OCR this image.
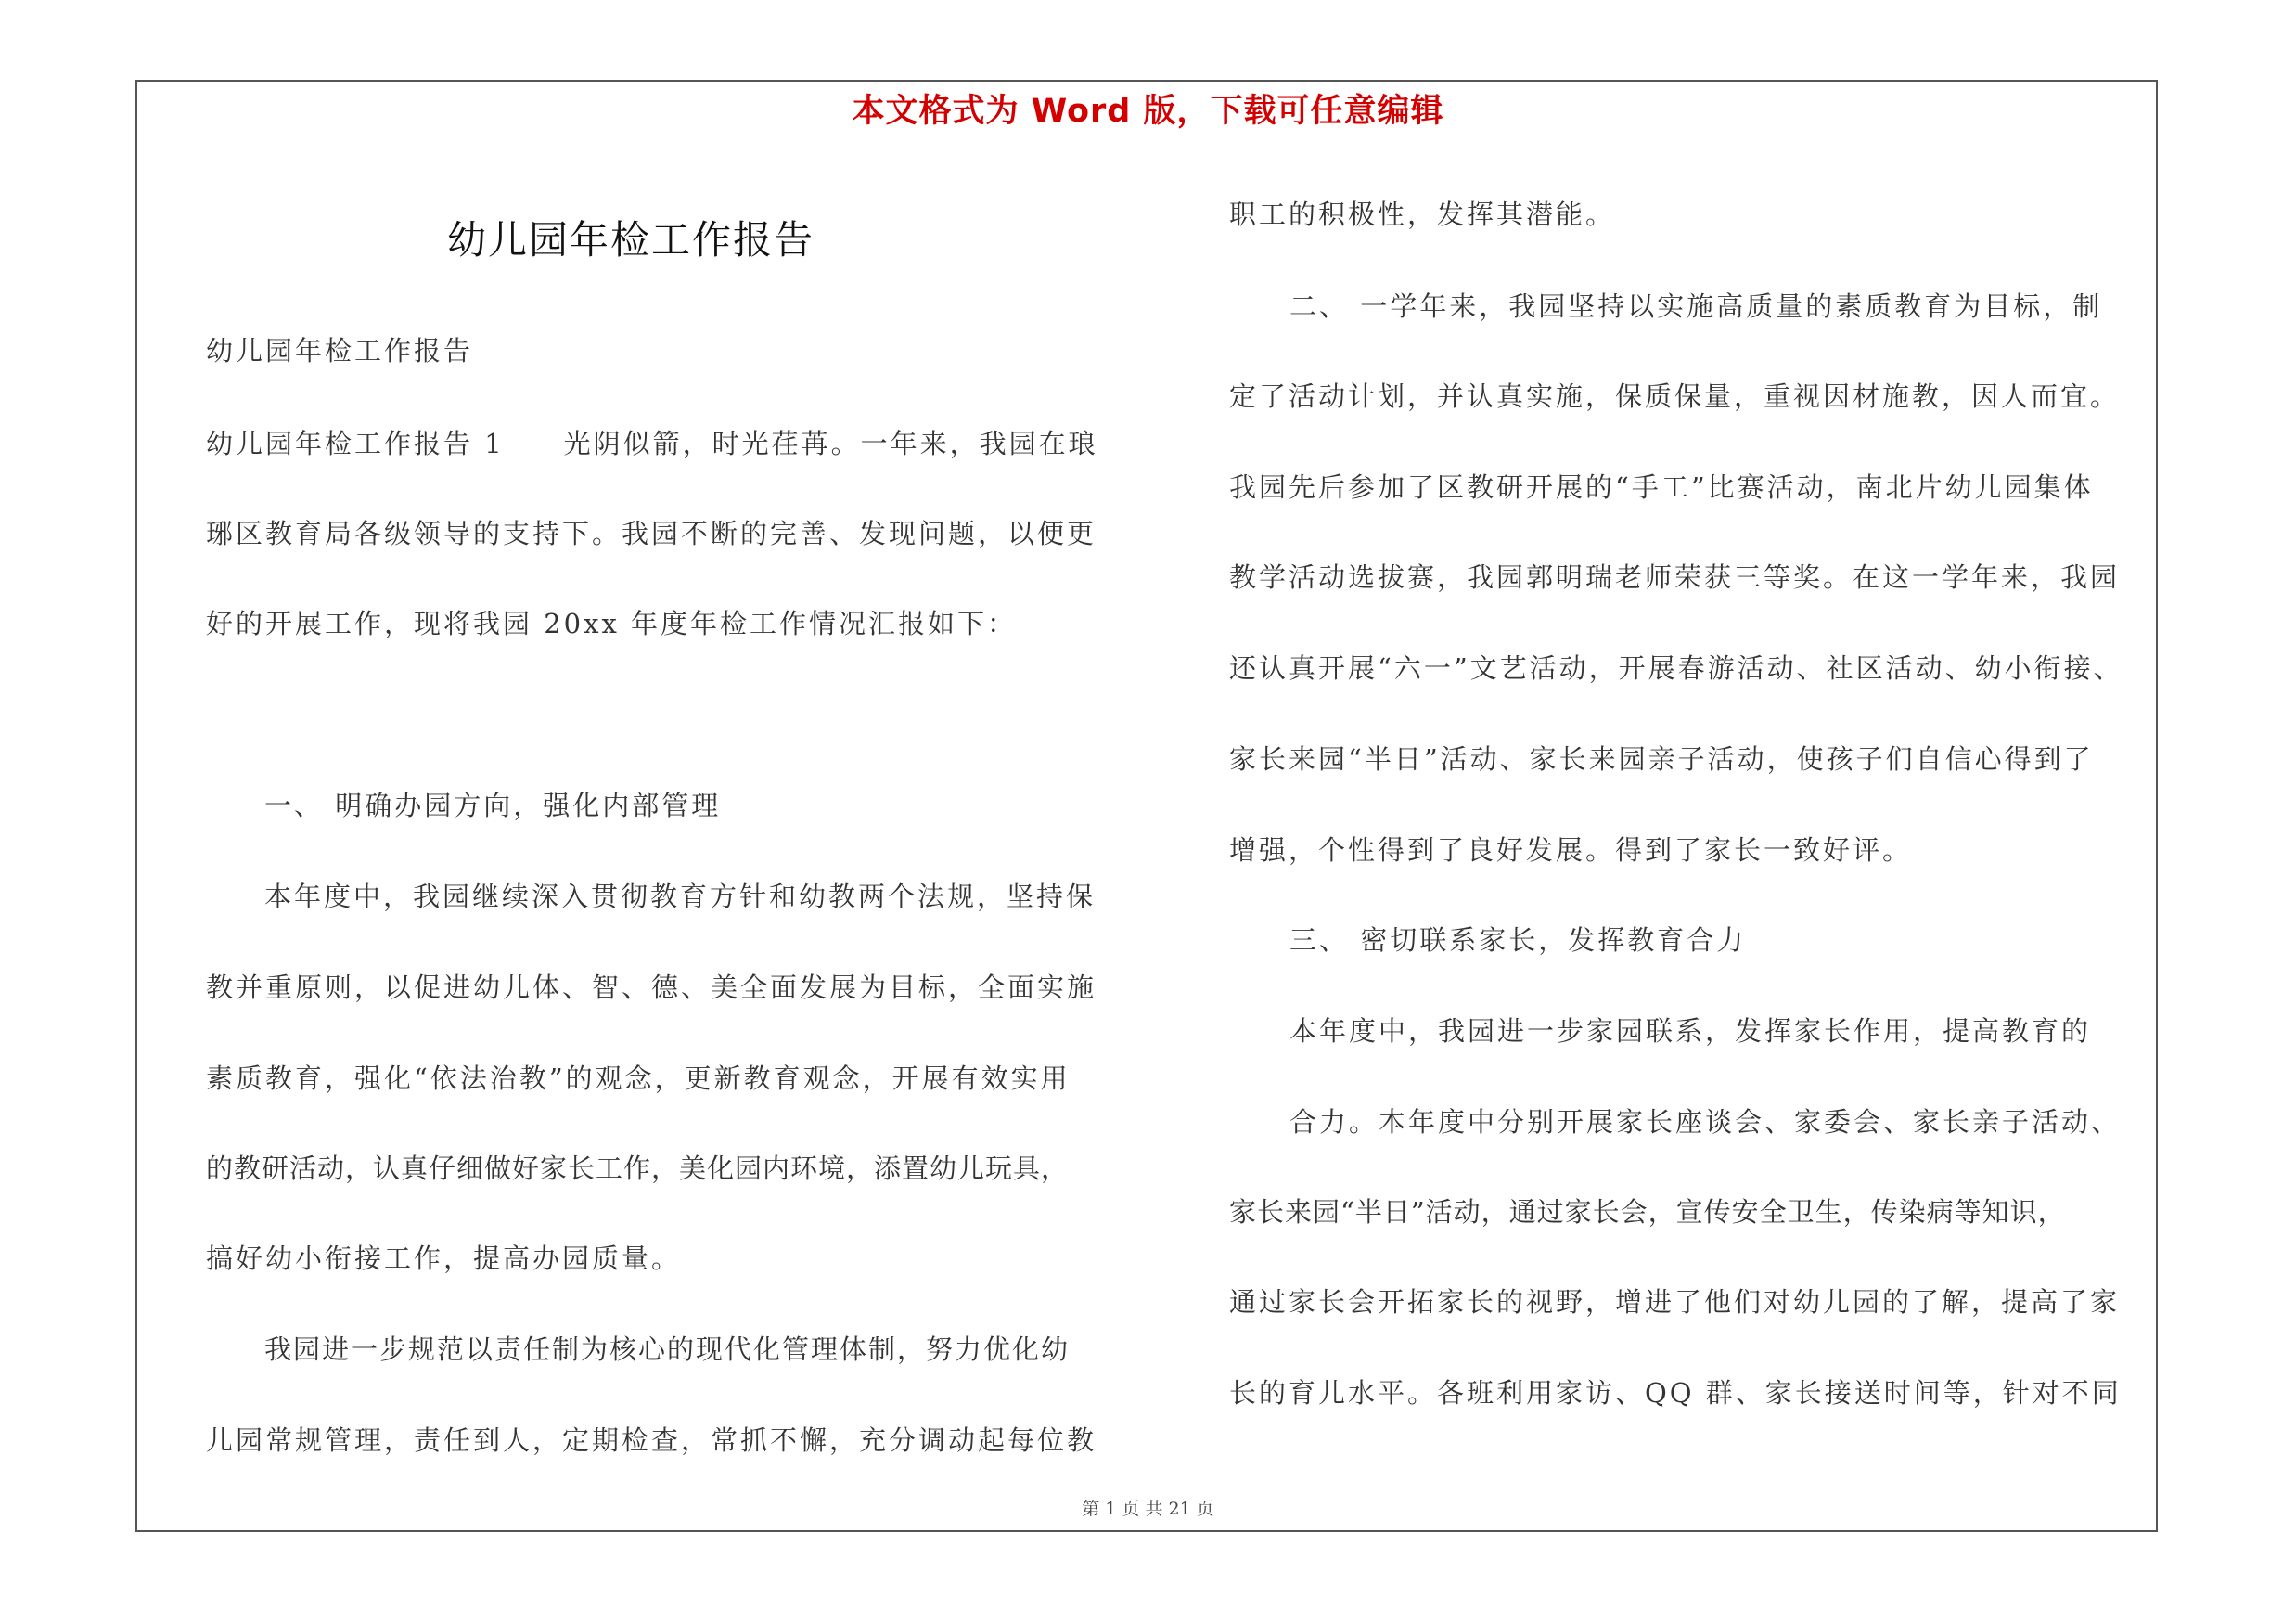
本文格式为 Word 版，下载可任意编辑
幼儿园年检工作报告
幼儿园年检工作报告
幼儿园年检工作报告 1　　光阴似箭，时光荏苒。一年来，我园在琅
琊区教育局各级领导的支持下。我园不断的完善、发现问题，以便更
好的开展工作，现将我园 20xx 年度年检工作情况汇报如下：
一、 明确办园方向，强化内部管理
本年度中，我园继续深入贯彻教育方针和幼教两个法规，坚持保
教并重原则，以促进幼儿体、智、德、美全面发展为目标，全面实施
素质教育，强化“依法治教”的观念，更新教育观念，开展有效实用
的教研活动，认真仔细做好家长工作，美化园内环境，添置幼儿玩具，
搞好幼小衔接工作，提高办园质量。
我园进一步规范以责任制为核心的现代化管理体制，努力优化幼
儿园常规管理，责任到人，定期检查，常抓不懈，充分调动起每位教
职工的积极性，发挥其潜能。
二、 一学年来，我园坚持以实施高质量的素质教育为目标，制
定了活动计划，并认真实施，保质保量，重视因材施教，因人而宜。
我园先后参加了区教研开展的“手工”比赛活动，南北片幼儿园集体
教学活动选拔赛，我园郭明瑞老师荣获三等奖。在这一学年来，我园
还认真开展“六一”文艺活动，开展春游活动、社区活动、幼小衔接、
家长来园“半日”活动、家长来园亲子活动，使孩子们自信心得到了
增强，个性得到了良好发展。得到了家长一致好评。
三、 密切联系家长，发挥教育合力
本年度中，我园进一步家园联系，发挥家长作用，提高教育的
合力。本年度中分别开展家长座谈会、家委会、家长亲子活动、
家长来园“半日”活动，通过家长会，宣传安全卫生，传染病等知识，
通过家长会开拓家长的视野，增进了他们对幼儿园的了解，提高了家
长的育儿水平。各班利用家访、QQ 群、家长接送时间等，针对不同
第 1 页 共 21 页
